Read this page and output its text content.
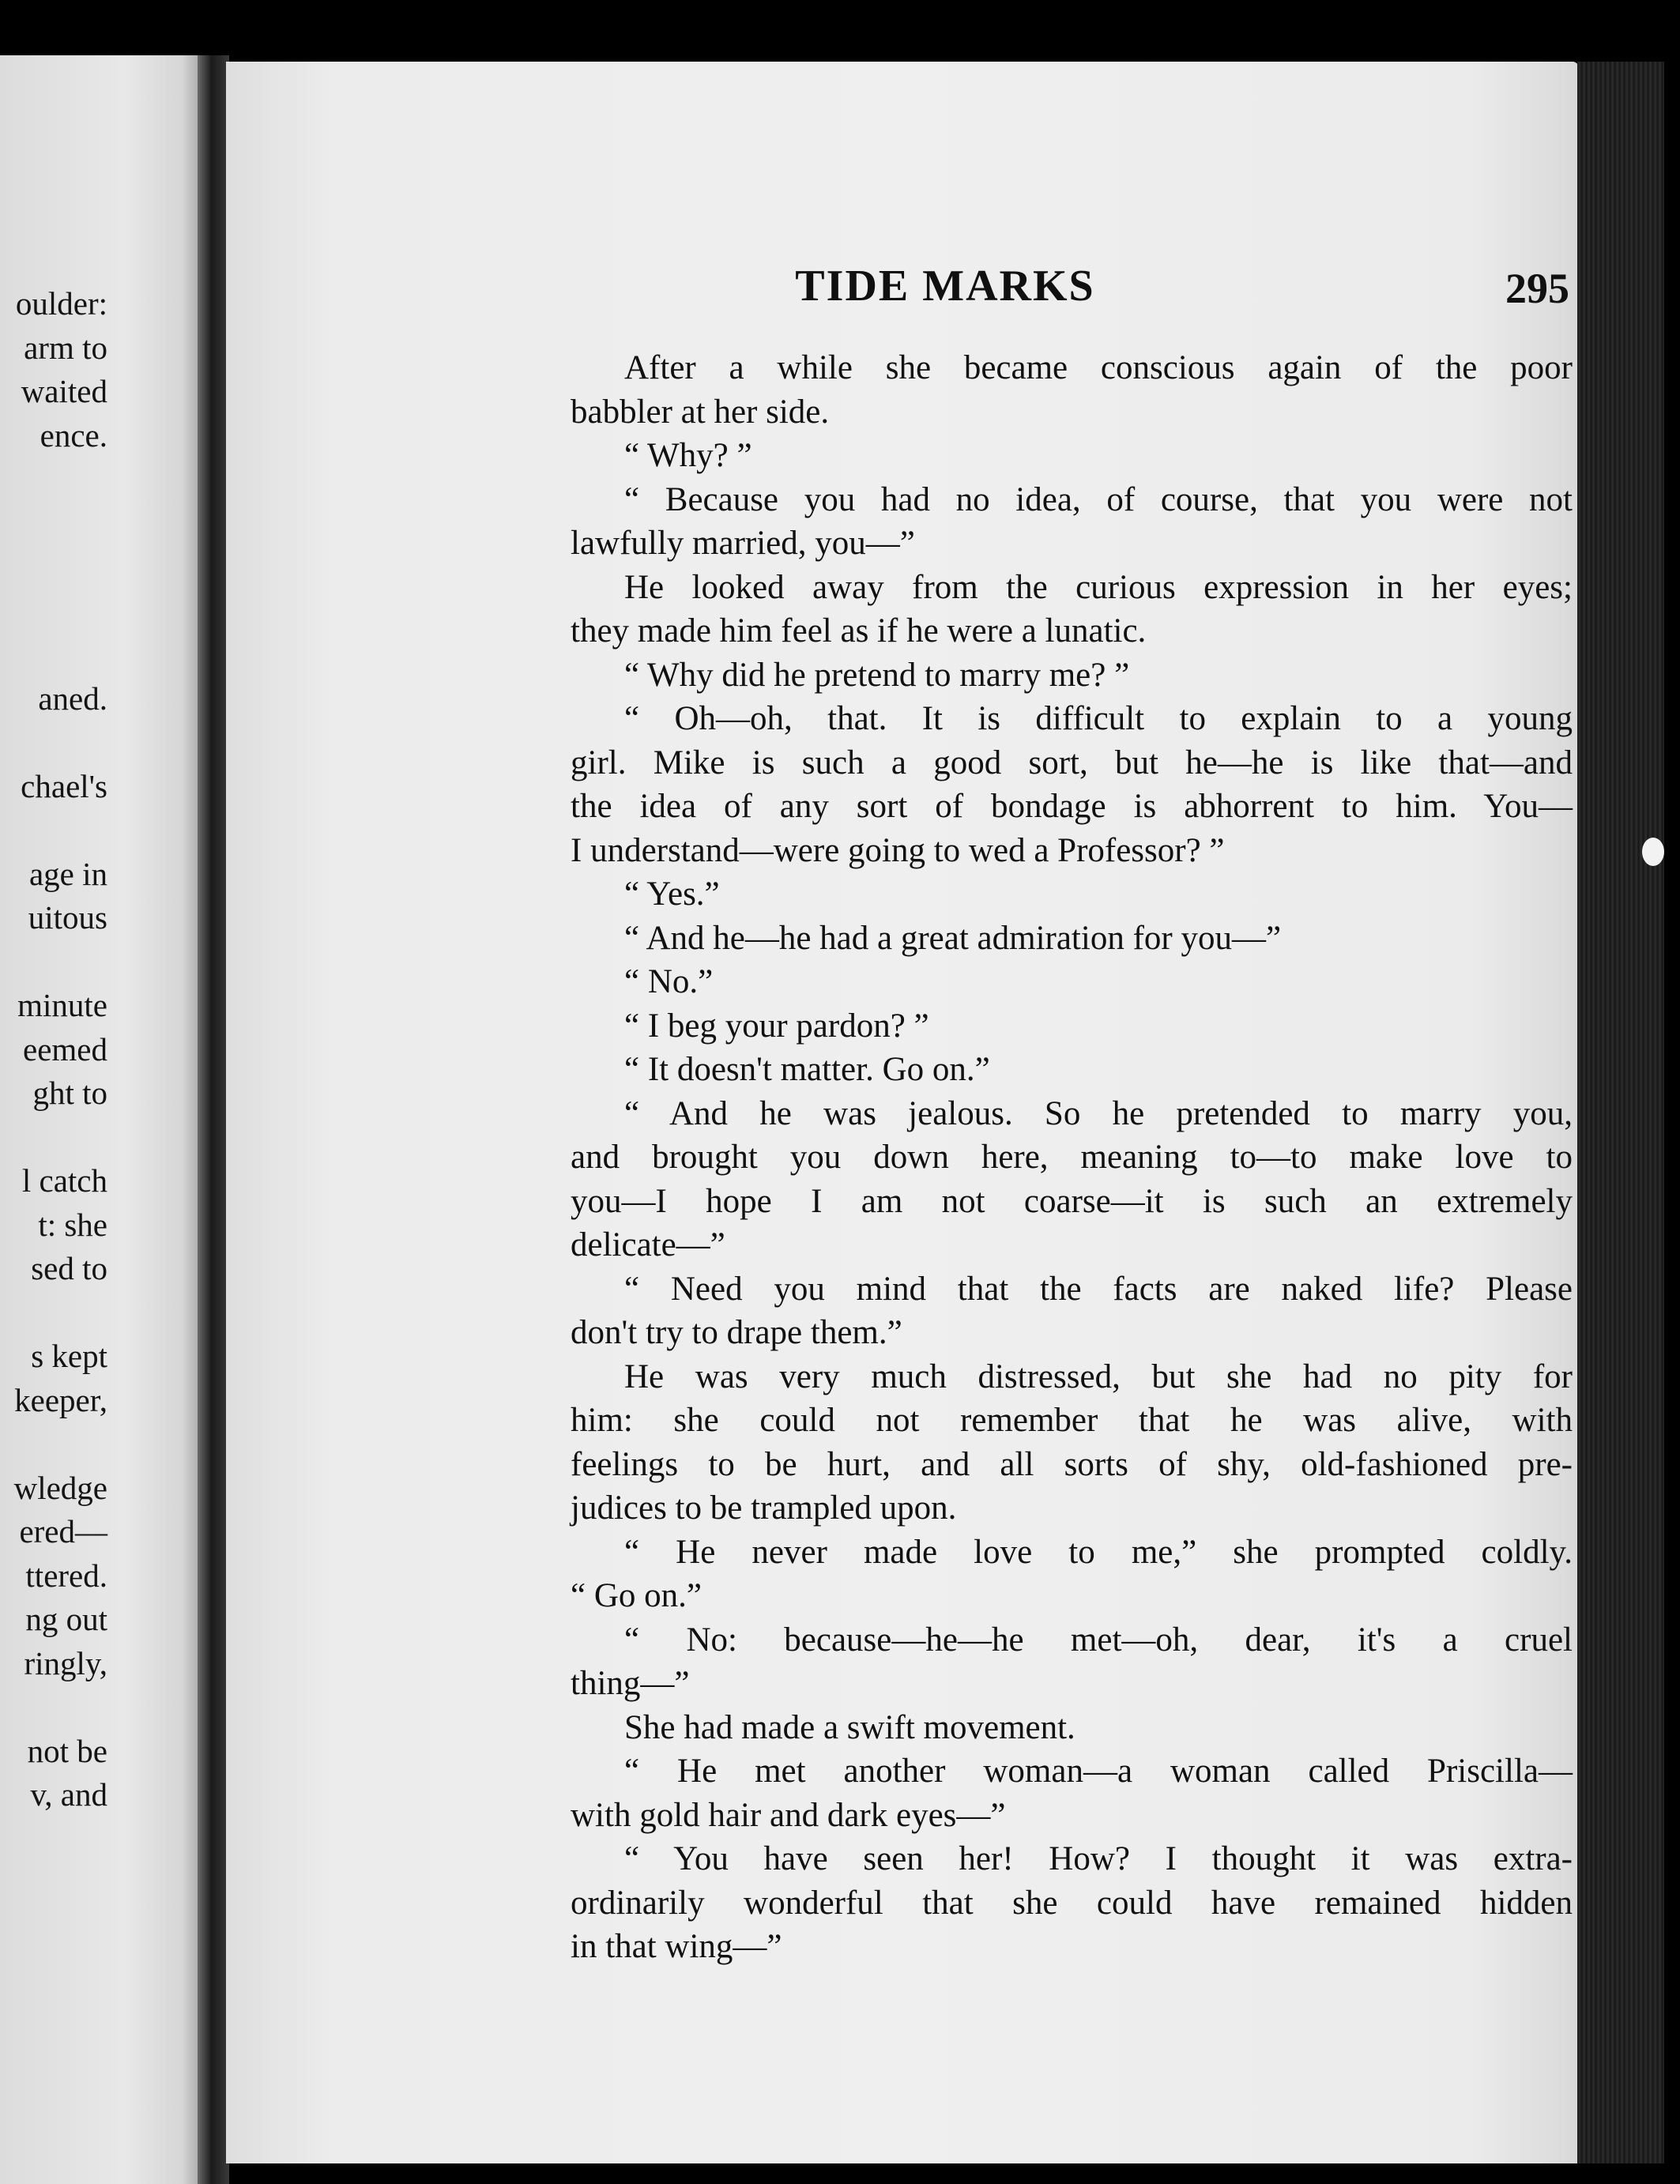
oulder:
arm to
waited
ence.
aned.
chael's
age in
uitous
minute
eemed
ght to
l catch
t: she
sed to
s kept
keeper,
wledge
ered—
ttered.
ng out
ringly,
not be
v, and
TIDE MARKS	295
After a while she became conscious again of the poor
babbler at her side.
“ Why? ”
“ Because you had no idea, of course, that you were not
lawfully married, you—”
He looked away from the curious expression in her eyes;
they made him feel as if he were a lunatic.
“ Why did he pretend to marry me? ”
“ Oh—oh, that. It is difficult to explain to a young
girl. Mike is such a good sort, but he—he is like that—and
the idea of any sort of bondage is abhorrent to him. You—
I understand—were going to wed a Professor? ”
“ Yes.”
“ And he—he had a great admiration for you—”
“ No.”
“ I beg your pardon? ”
“ It doesn't matter. Go on.”
“ And he was jealous. So he pretended to marry you,
and brought you down here, meaning to—to make love to
you—I hope I am not coarse—it is such an extremely
delicate—”
“ Need you mind that the facts are naked life? Please
don't try to drape them.”
He was very much distressed, but she had no pity for
him: she could not remember that he was alive, with
feelings to be hurt, and all sorts of shy, old-fashioned pre-
judices to be trampled upon.
“ He never made love to me,” she prompted coldly.
“ Go on.”
“ No: because—he—he met—oh, dear, it's a cruel
thing—”
She had made a swift movement.
“ He met another woman—a woman called Priscilla—
with gold hair and dark eyes—”
“ You have seen her! How? I thought it was extra-
ordinarily wonderful that she could have remained hidden
in that wing—”
